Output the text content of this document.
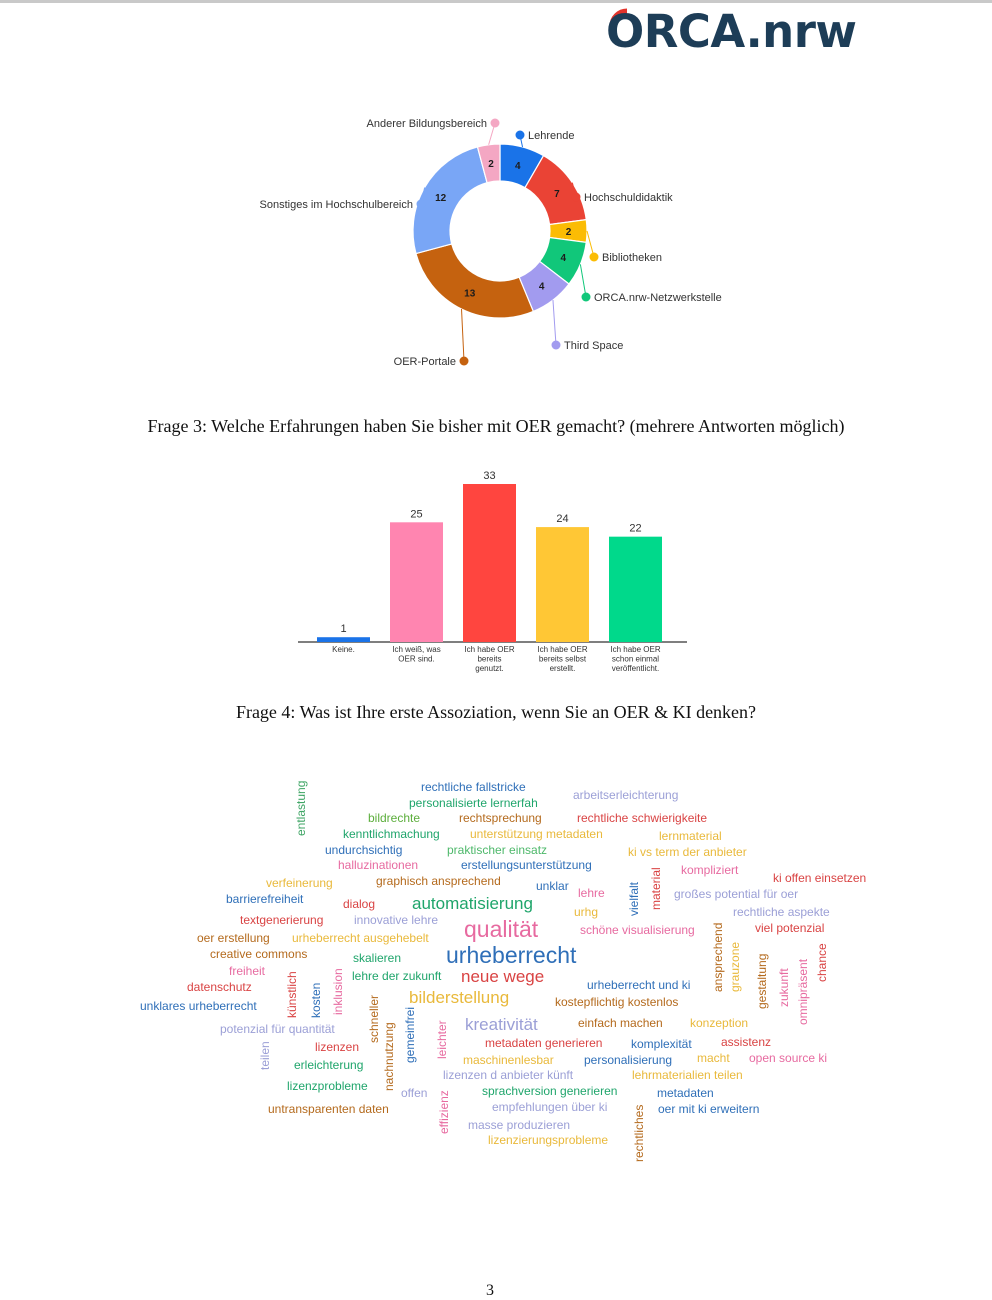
ORCA.nrw
4
Lehrende
7 Hochschuldidaktik
2
Bibliotheken
4
ORCA.nrw-Netzwerkstelle
4
Third Space
13
OER-Portale
12
Sonstiges im Hochschulbereich
2
Anderer Bildungsbereich
Frage 3: Welche Erfahrungen haben Sie bisher mit OER gemacht? (mehrere Antworten möglich)
1
Keine.
25
Ich weiß, was OER sind.
33
Ich habe OER bereits genutzt.
24
Ich habe OER bereits selbst erstellt.
22
Ich habe OER schon einmal veröffentlicht.
Frage 4: Was ist Ihre erste Assoziation, wenn Sie an OER & KI denken?
rechtliche fallstricke
personalisierte lernerfah
arbeitserleichterung
bildrechte	rechtsprechung	rechtliche schwierigkeite
entlastung	kenntlichmachung	unterstützung metadaten	lernmaterial
undurchsichtig	praktischer einsatz	ki vs term der anbieter
halluzinationen	erstellungsunterstützung	kompliziert
ki offen einsetzen
verfeinerung	graphisch ansprechend	unklar lehre vielfalt material großes potential für oer
barrierefreiheit	dialog automatisierung	urhg	rechtliche aspekte
textgenerierung	innovative lehre qualität	schöne visualisierung	viel potenzial
oer erstellung urheberrecht ausgehebelt	ansprechend grauzone
creative commons	urheberrecht	chance
skalieren	gestaltung zukunft omnipräsent
freiheit
künstlich	inklusion lehre der zukunft neue wege
datenschutz	kosten	urheberrecht und ki
unklares urheberrecht	schneller bilderstellung	kostepflichtig kostenlos
potenzial für quantität	kreativität	einfach machen konzeption
teilen	lizenzen nachnutzung gemeinfrei leichter	metadaten generieren komplexität assistenz
erleichterung	maschinenlesbar	personalisierung macht open source ki
lizenzen d anbieter künft	lehrmaterialien teilen
lizenzprobleme	offen	sprachversion generieren	metadaten
effizienz
untransparenten daten	empfehlungen über ki	oer mit ki erweitern
masse produzieren	rechtliches
lizenzierungsprobleme
3
